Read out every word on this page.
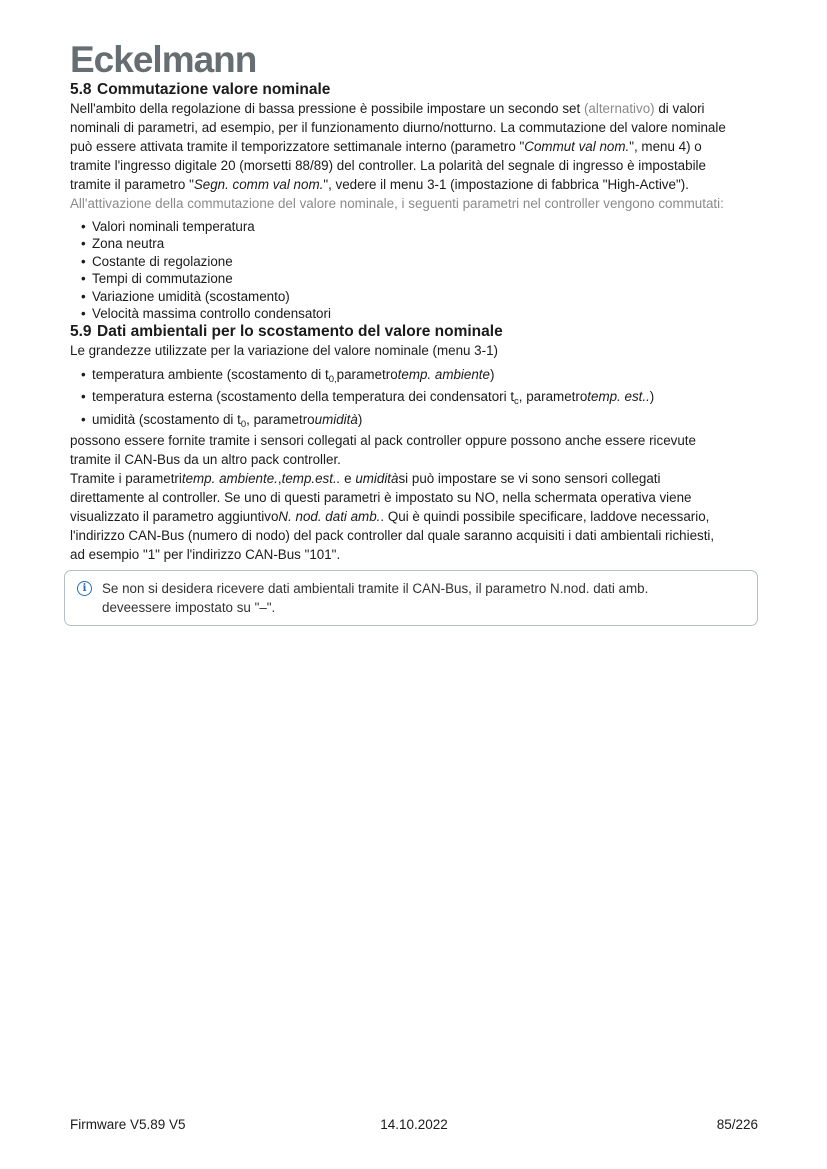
Eckelmann
5.8 Commutazione valore nominale

Nell'ambito della regolazione di bassa pressione è possibile impostare un secondo set (alternativo) di valori
nominali di parametri, ad esempio, per il funzionamento diurno/notturno. La commutazione del valore nominale
può essere attivata tramite il temporizzatore settimanale interno (parametro "Commut val nom.", menu 4) o
tramite l'ingresso digitale 20 (morsetti 88/89) del controller. La polarità del segnale di ingresso è impostabile
tramite il parametro "Segn. comm val nom.", vedere il menu 3-1 (impostazione di fabbrica "High-Active").

All'attivazione della commutazione del valore nominale, i seguenti parametri nel controller vengono commutati:

• Valori nominali temperatura
• Zona neutra
• Costante di regolazione
• Tempi di commutazione
• Variazione umidità (scostamento)
• Velocità massima controllo condensatori
5.9 Dati ambientali per lo scostamento del valore nominale

Le grandezze utilizzate per la variazione del valore nominale (menu 3-1)

• temperatura ambiente (scostamento di $t_{0,}parametrotemp$. ambiente)
• temperatura esterna (scostamento della temperatura dei condensatori $t_c$, parametrotemp. est..)
• umidità (scostamento di $t_0$, parametroumidità)

possono essere fornite tramite i sensori collegati al pack controller oppure possono anche essere ricevute
tramite il CAN-Bus da un altro pack controller.

Tramite i parametritemp. ambiente.,temp.est.. e umiditàsi può impostare se vi sono sensori collegati
direttamente al controller. Se uno di questi parametri è impostato su NO, nella schermata operativa viene
visualizzato il parametro aggiuntivoN. nod. dati amb.. Qui è quindi possibile specificare, laddove necessario,
l'indirizzo CAN-Bus (numero di nodo) del pack controller dal quale saranno acquisiti i dati ambientali richiesti,
ad esempio "1" per l'indirizzo CAN-Bus "101".

i	Se non si desidera ricevere dati ambientali tramite il CAN-Bus, il parametro N.nod. dati amb.
deveessere impostato su "–".
Firmware V5.89 V5	14.10.2022	85/226
